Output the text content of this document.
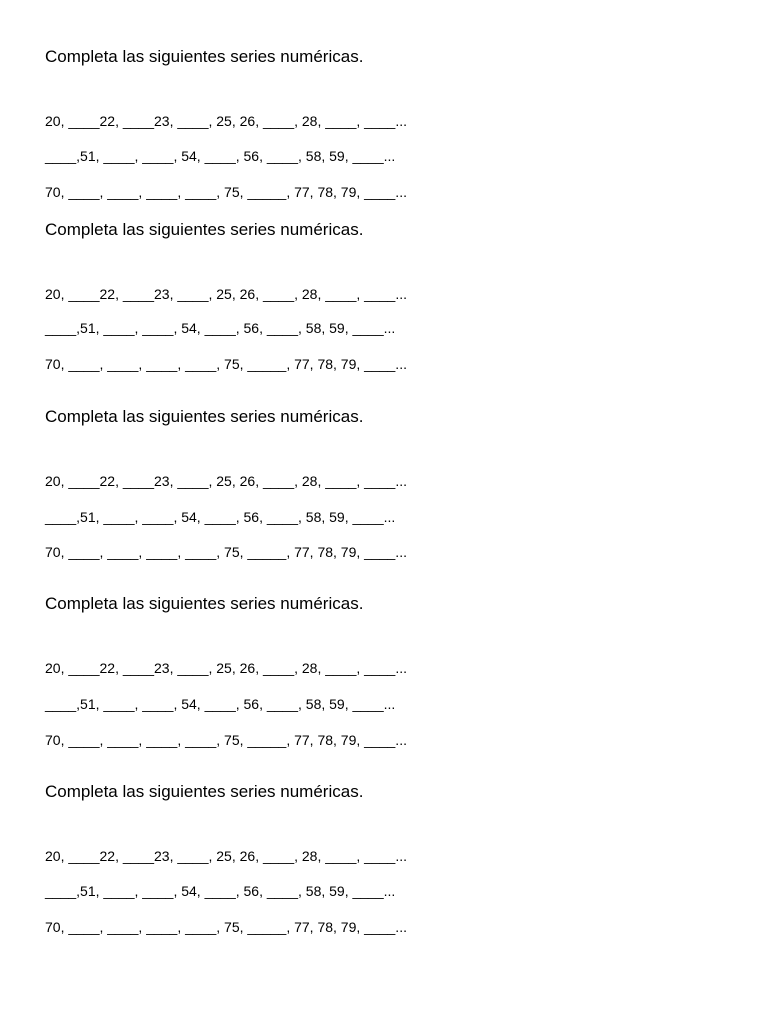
Completa las siguientes series numéricas.

20, ____22, ____23, ____, 25, 26, ____, 28, ____, ____...

____,51, ____, ____, 54, ____, 56, ____, 58, 59, ____...

70, ____, ____, ____, ____, 75, _____, 77, 78, 79, ____...

Completa las siguientes series numéricas.

20, ____22, ____23, ____, 25, 26, ____, 28, ____, ____...

____,51, ____, ____, 54, ____, 56, ____, 58, 59, ____...

70, ____, ____, ____, ____, 75, _____, 77, 78, 79, ____...

Completa las siguientes series numéricas.

20, ____22, ____23, ____, 25, 26, ____, 28, ____, ____...

____,51, ____, ____, 54, ____, 56, ____, 58, 59, ____...

70, ____, ____, ____, ____, 75, _____, 77, 78, 79, ____...

Completa las siguientes series numéricas.

20, ____22, ____23, ____, 25, 26, ____, 28, ____, ____...

____,51, ____, ____, 54, ____, 56, ____, 58, 59, ____...

70, ____, ____, ____, ____, 75, _____, 77, 78, 79, ____...

Completa las siguientes series numéricas.

20, ____22, ____23, ____, 25, 26, ____, 28, ____, ____...

____,51, ____, ____, 54, ____, 56, ____, 58, 59, ____...

70, ____, ____, ____, ____, 75, _____, 77, 78, 79, ____...
